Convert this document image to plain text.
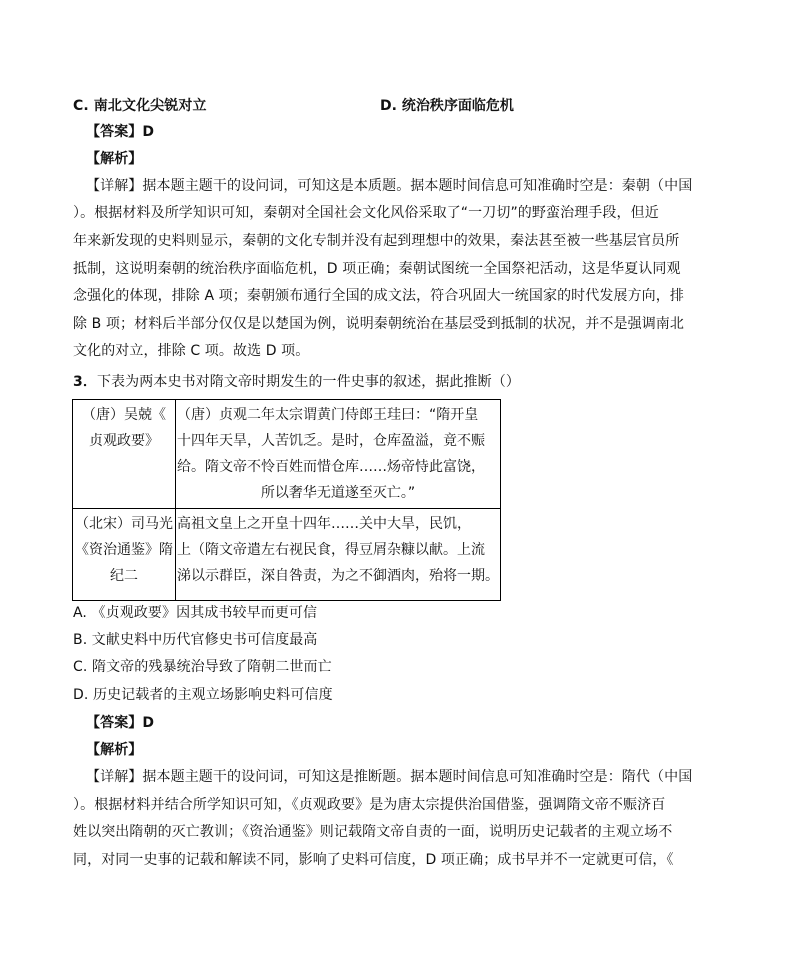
C. 南北文化尖锐对立	D. 统治秩序面临危机
【答案】D
【解析】
【详解】据本题主题干的设问词，可知这是本质题。据本题时间信息可知准确时空是：秦朝（中国
）。根据材料及所学知识可知，秦朝对全国社会文化风俗采取了“一刀切”的野蛮治理手段，但近
年来新发现的史料则显示，秦朝的文化专制并没有起到理想中的效果，秦法甚至被一些基层官员所
抵制，这说明秦朝的统治秩序面临危机，D 项正确；秦朝试图统一全国祭祀活动，这是华夏认同观
念强化的体现，排除 A 项；秦朝颁布通行全国的成文法，符合巩固大一统国家的时代发展方向，排
除 B 项；材料后半部分仅仅是以楚国为例，说明秦朝统治在基层受到抵制的状况，并不是强调南北
文化的对立，排除 C 项。故选 D 项。
3．下表为两本史书对隋文帝时期发生的一件史事的叙述，据此推断（）
（唐）吴兢《
贞观政要》	（唐）贞观二年太宗谓黄门侍郎王珪曰：“隋开皇
十四年天旱，人苦饥乏。是时，仓库盈溢，竟不赈
给。隋文帝不怜百姓而惜仓库……炀帝恃此富饶，
所以奢华无道遂至灭亡。”

（北宋）司马光
《资治通鉴》隋
纪二	高祖文皇上之开皇十四年……关中大旱，民饥，
上（隋文帝遣左右视民食，得豆屑杂糠以献。上流
涕以示群臣，深自咎责，为之不御酒肉，殆将一期。
A. 《贞观政要》因其成书较早而更可信
B. 文献史料中历代官修史书可信度最高
C. 隋文帝的残暴统治导致了隋朝二世而亡
D. 历史记载者的主观立场影响史料可信度
【答案】D
【解析】
【详解】据本题主题干的设问词，可知这是推断题。据本题时间信息可知准确时空是：隋代（中国
）。根据材料并结合所学知识可知，《贞观政要》是为唐太宗提供治国借鉴，强调隋文帝不赈济百
姓以突出隋朝的灭亡教训；《资治通鉴》则记载隋文帝自责的一面，说明历史记载者的主观立场不
同，对同一史事的记载和解读不同，影响了史料可信度，D 项正确；成书早并不一定就更可信，《
